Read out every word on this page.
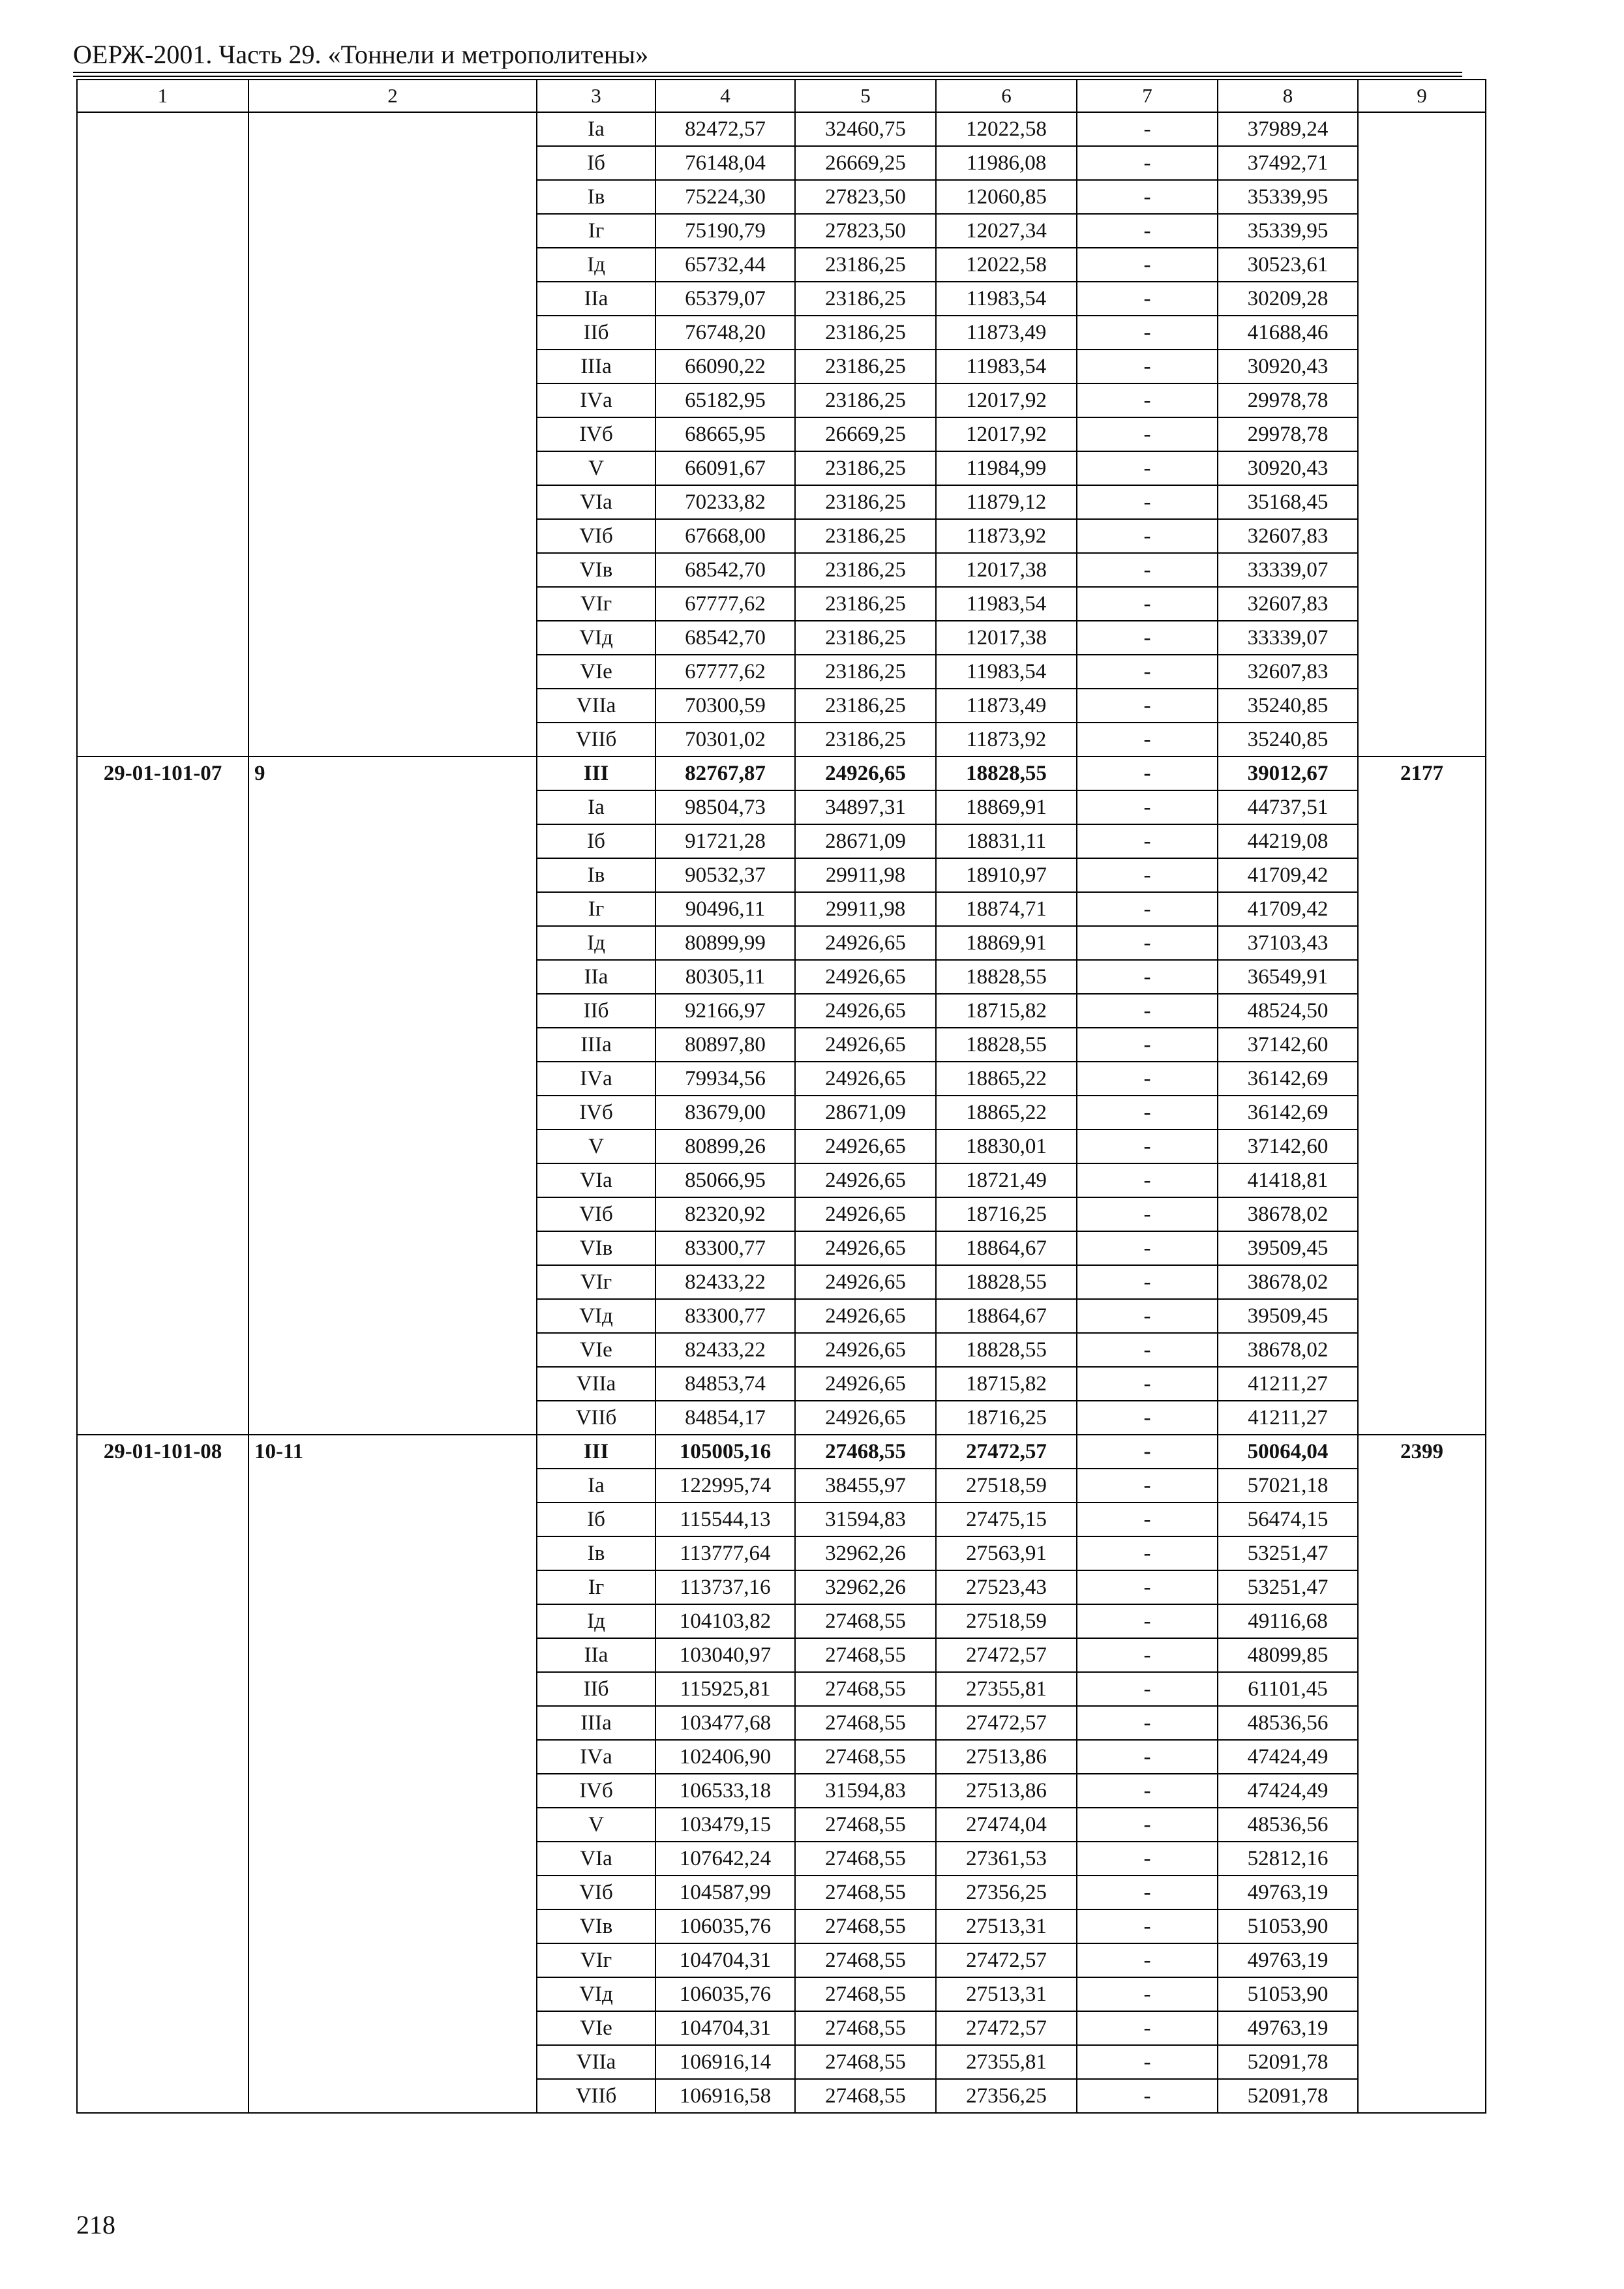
ОЕРЖ-2001. Часть 29. «Тоннели и метрополитены»
1	2	3	4	5	6	7	8	9
		Iа	82472,57	32460,75	12022,58	-	37989,24	
		Iб	76148,04	26669,25	11986,08	-	37492,71	
		Iв	75224,30	27823,50	12060,85	-	35339,95	
		Iг	75190,79	27823,50	12027,34	-	35339,95	
		Iд	65732,44	23186,25	12022,58	-	30523,61	
		IIа	65379,07	23186,25	11983,54	-	30209,28	
		IIб	76748,20	23186,25	11873,49	-	41688,46	
		IIIа	66090,22	23186,25	11983,54	-	30920,43	
		IVа	65182,95	23186,25	12017,92	-	29978,78	
		IVб	68665,95	26669,25	12017,92	-	29978,78	
		V	66091,67	23186,25	11984,99	-	30920,43	
		VIа	70233,82	23186,25	11879,12	-	35168,45	
		VIб	67668,00	23186,25	11873,92	-	32607,83	
		VIв	68542,70	23186,25	12017,38	-	33339,07	
		VIг	67777,62	23186,25	11983,54	-	32607,83	
		VIд	68542,70	23186,25	12017,38	-	33339,07	
		VIе	67777,62	23186,25	11983,54	-	32607,83	
		VIIа	70300,59	23186,25	11873,49	-	35240,85	
		VIIб	70301,02	23186,25	11873,92	-	35240,85	
29-01-101-07	9	III	82767,87	24926,65	18828,55	-	39012,67	2177
		Iа	98504,73	34897,31	18869,91	-	44737,51	
		Iб	91721,28	28671,09	18831,11	-	44219,08	
		Iв	90532,37	29911,98	18910,97	-	41709,42	
		Iг	90496,11	29911,98	18874,71	-	41709,42	
		Iд	80899,99	24926,65	18869,91	-	37103,43	
		IIа	80305,11	24926,65	18828,55	-	36549,91	
		IIб	92166,97	24926,65	18715,82	-	48524,50	
		IIIа	80897,80	24926,65	18828,55	-	37142,60	
		IVа	79934,56	24926,65	18865,22	-	36142,69	
		IVб	83679,00	28671,09	18865,22	-	36142,69	
		V	80899,26	24926,65	18830,01	-	37142,60	
		VIа	85066,95	24926,65	18721,49	-	41418,81	
		VIб	82320,92	24926,65	18716,25	-	38678,02	
		VIв	83300,77	24926,65	18864,67	-	39509,45	
		VIг	82433,22	24926,65	18828,55	-	38678,02	
		VIд	83300,77	24926,65	18864,67	-	39509,45	
		VIе	82433,22	24926,65	18828,55	-	38678,02	
		VIIа	84853,74	24926,65	18715,82	-	41211,27	
		VIIб	84854,17	24926,65	18716,25	-	41211,27	
29-01-101-08	10-11	III	105005,16	27468,55	27472,57	-	50064,04	2399
		Iа	122995,74	38455,97	27518,59	-	57021,18	
		Iб	115544,13	31594,83	27475,15	-	56474,15	
		Iв	113777,64	32962,26	27563,91	-	53251,47	
		Iг	113737,16	32962,26	27523,43	-	53251,47	
		Iд	104103,82	27468,55	27518,59	-	49116,68	
		IIа	103040,97	27468,55	27472,57	-	48099,85	
		IIб	115925,81	27468,55	27355,81	-	61101,45	
		IIIа	103477,68	27468,55	27472,57	-	48536,56	
		IVа	102406,90	27468,55	27513,86	-	47424,49	
		IVб	106533,18	31594,83	27513,86	-	47424,49	
		V	103479,15	27468,55	27474,04	-	48536,56	
		VIа	107642,24	27468,55	27361,53	-	52812,16	
		VIб	104587,99	27468,55	27356,25	-	49763,19	
		VIв	106035,76	27468,55	27513,31	-	51053,90	
		VIг	104704,31	27468,55	27472,57	-	49763,19	
		VIд	106035,76	27468,55	27513,31	-	51053,90	
		VIе	104704,31	27468,55	27472,57	-	49763,19	
		VIIа	106916,14	27468,55	27355,81	-	52091,78	
		VIIб	106916,58	27468,55	27356,25	-	52091,78	
218
